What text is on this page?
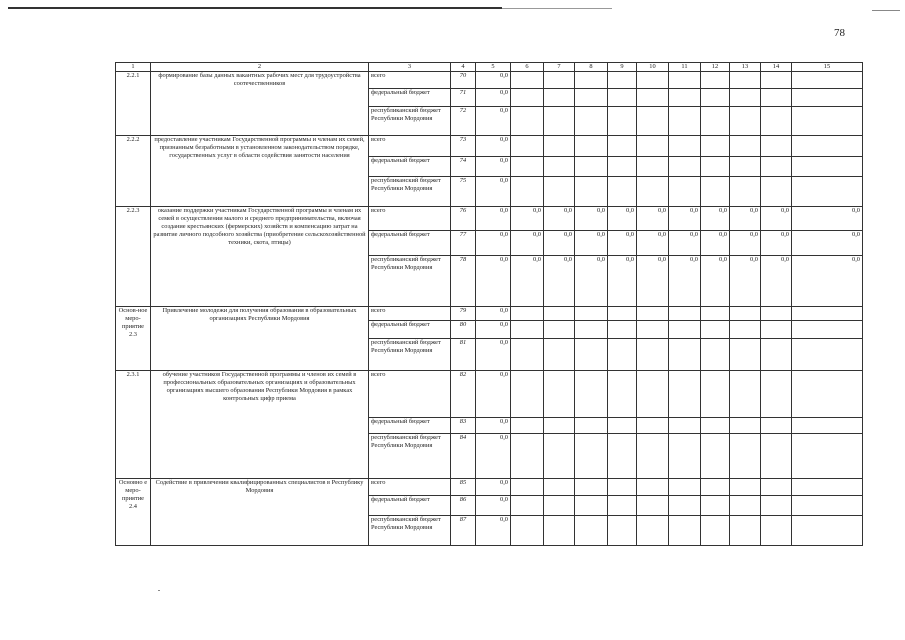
78
1	2	3	4	5	6	7	8	9	10	11	12	13	14	15
2.2.1	формирование базы данных вакантных рабочих мест для трудоустройства соотечественников	всего	70	0,0										
		федеральный бюджет	71	0,0										
		республиканский бюджет Республики Мордовия	72	0,0										
2.2.2	предоставление участникам Государственной программы и членам их семей, признанным безработными в установленном законодательством порядке, государственных услуг в области содействия занятости населения	всего	73	0,0										
		федеральный бюджет	74	0,0										
		республиканский бюджет Республики Мордовия	75	0,0										
2.2.3	оказание поддержки участникам Государственной программы и членам их семей в осуществлении малого и среднего предпринимательства, включая создание крестьянских (фермерских) хозяйств и компенсацию затрат на развитие личного подсобного хозяйства (приобретение сельскохозяйственной техники, скота, птицы)	всего	76	0,0	0,0	0,0	0,0	0,0	0,0	0,0	0,0	0,0	0,0	0,0
		федеральный бюджет	77	0,0	0,0	0,0	0,0	0,0	0,0	0,0	0,0	0,0	0,0	0,0
		республиканский бюджет Республики Мордовия	78	0,0	0,0	0,0	0,0	0,0	0,0	0,0	0,0	0,0	0,0	0,0
Основ-ное меро-приятие 2.3	Привлечение молодежи для получения образования в образовательных организациях Республики Мордовия	всего	79	0,0										
		федеральный бюджет	80	0,0										
		республиканский бюджет Республики Мордовия	81	0,0										
2.3.1	обучение участников Государственной программы и членов их семей в профессиональных образовательных организациях и образовательных организациях высшего образования Республики Мордовия в рамках контрольных цифр приема	всего	82	0,0										
		федеральный бюджет	83	0,0										
		республиканский бюджет Республики Мордовия	84	0,0										
Основно е меро-приятие 2.4	Содействие в привлечении квалифицированных специалистов в Республику Мордовия	всего	85	0,0										
		федеральный бюджет	86	0,0										
		республиканский бюджет Республики Мордовия	87	0,0										
